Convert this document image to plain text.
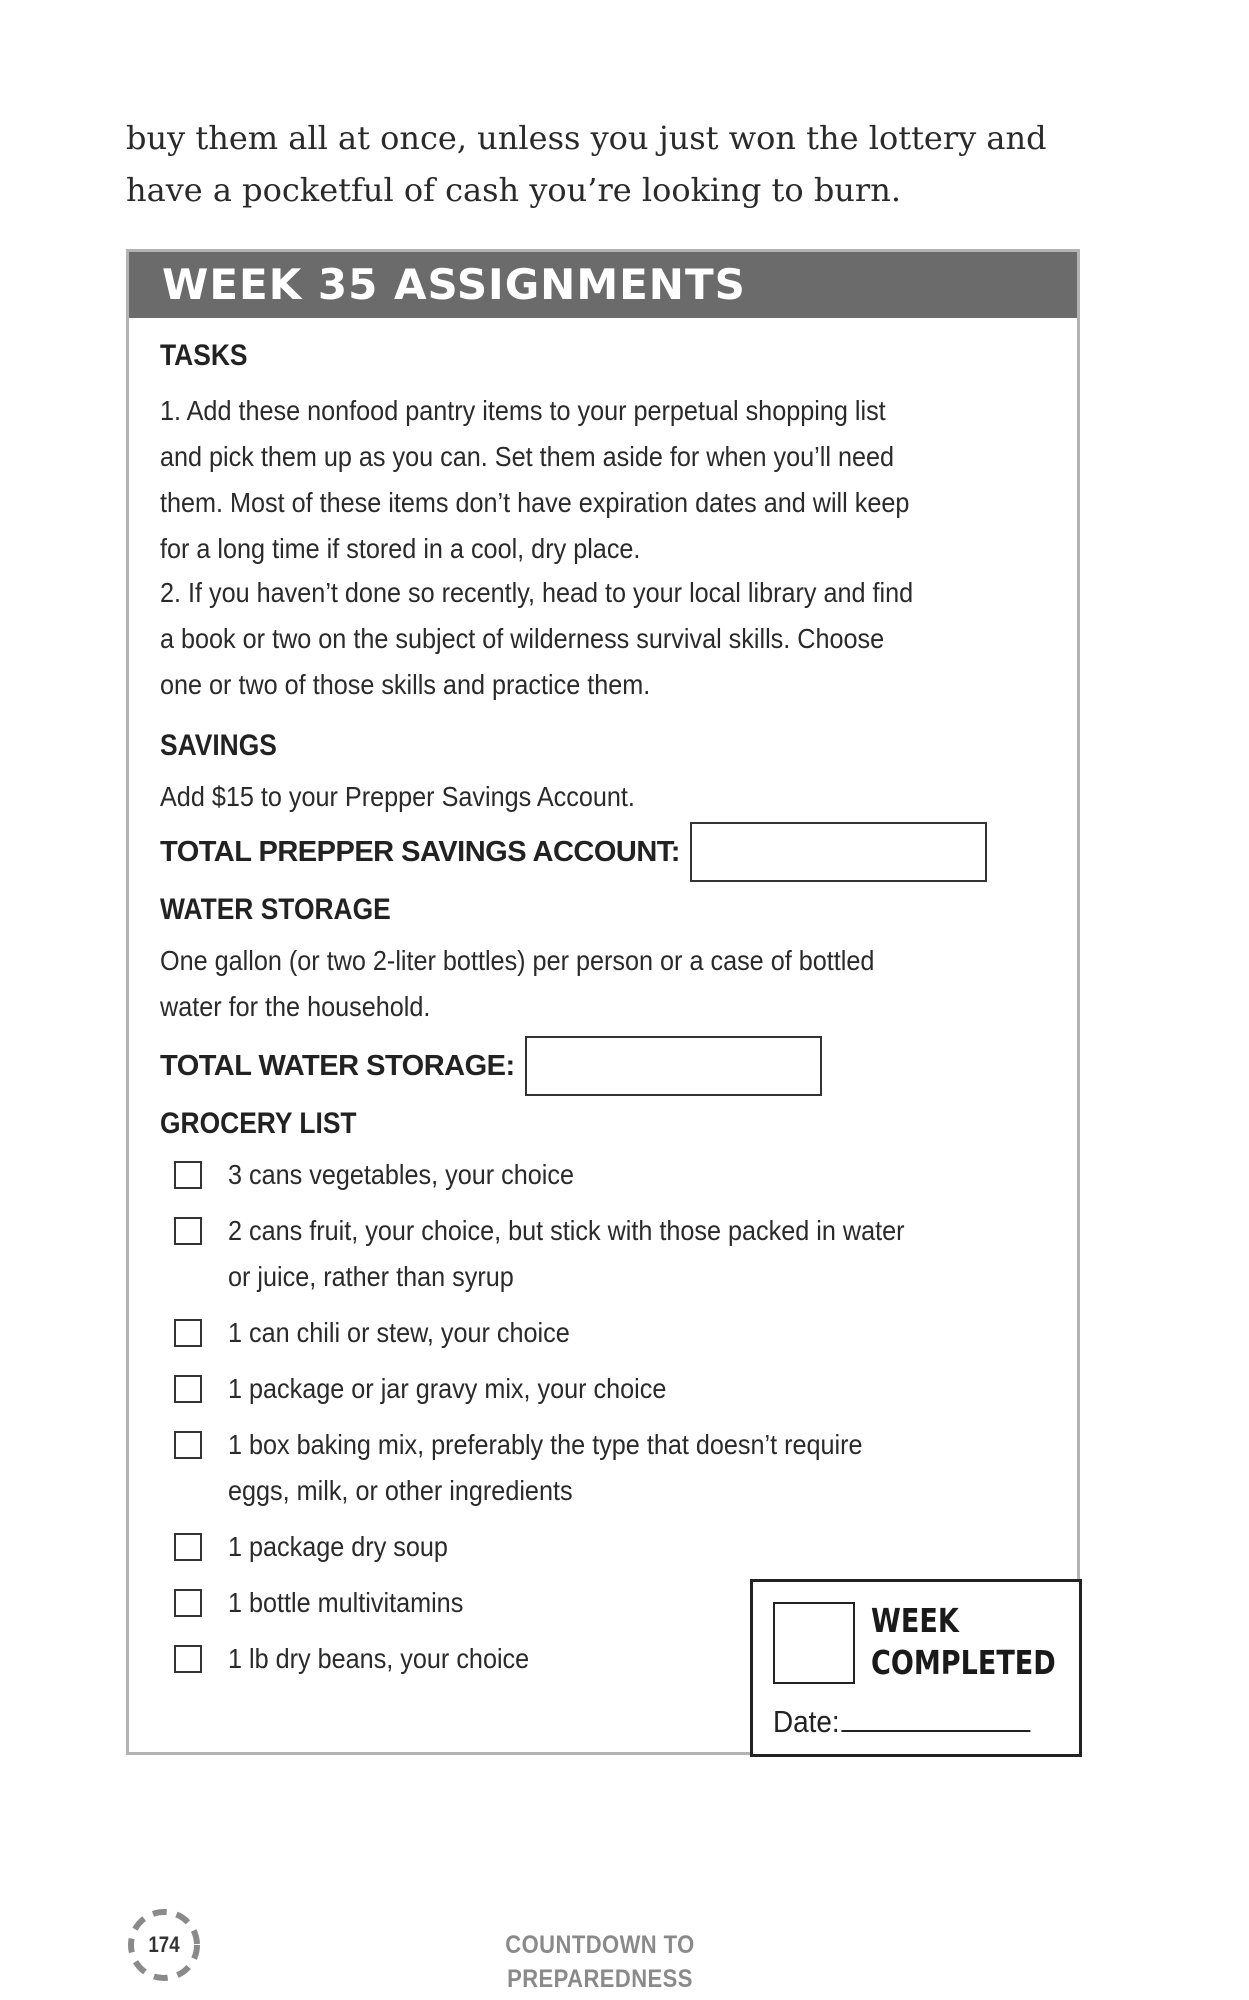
buy them all at once, unless you just won the lottery and
have a pocketful of cash you’re looking to burn.

WEEK 35 ASSIGNMENTS
TASKS

1. Add these nonfood pantry items to your perpetual shopping list
and pick them up as you can. Set them aside for when you’ll need
them. Most of these items don’t have expiration dates and will keep
for a long time if stored in a cool, dry place.

2. If you haven’t done so recently, head to your local library and find
a book or two on the subject of wilderness survival skills. Choose
one or two of those skills and practice them.

SAVINGS

Add $15 to your Prepper Savings Account.

TOTAL PREPPER SAVINGS ACCOUNT:
WATER STORAGE

One gallon (or two 2-liter bottles) per person or a case of bottled
water for the household.

TOTAL WATER STORAGE:
GROCERY LIST

3 cans vegetables, your choice

2 cans fruit, your choice, but stick with those packed in water
or juice, rather than syrup

1 can chili or stew, your choice

1 package or jar gravy mix, your choice

1 box baking mix, preferably the type that doesn’t require
eggs, milk, or other ingredients

1 package dry soup

1 bottle multivitamins

1 lb dry beans, your choice

WEEK
COMPLETED

Date:
174	COUNTDOWN TO PREPAREDNESS
